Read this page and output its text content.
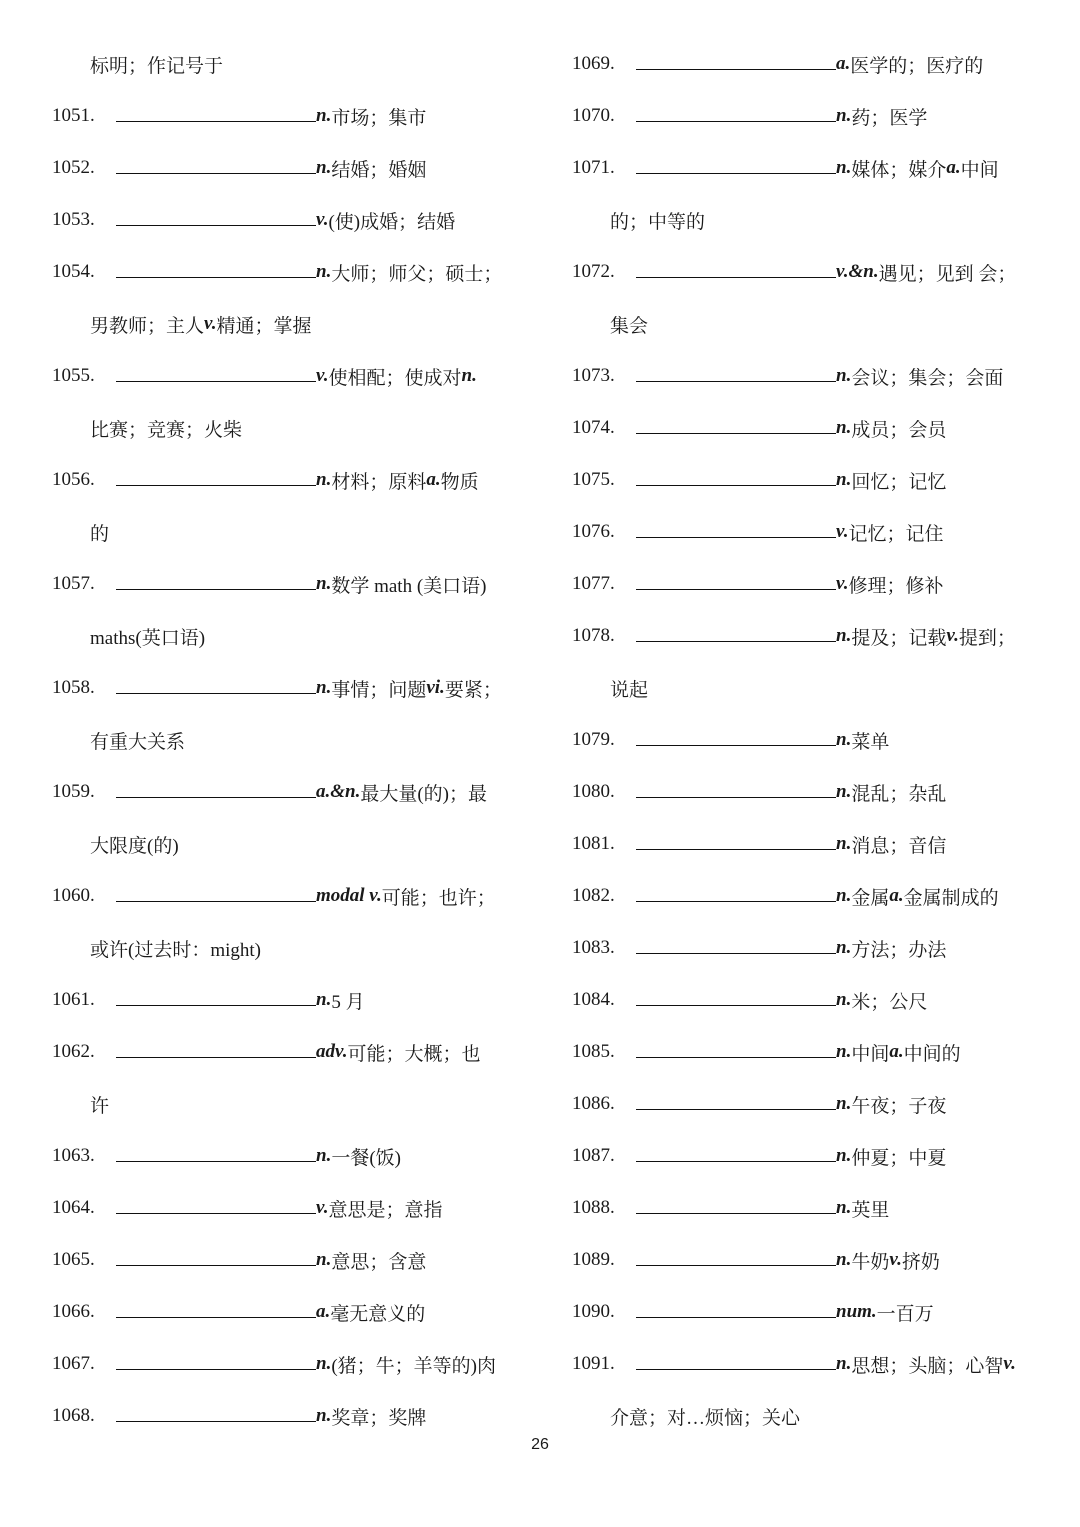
标明；作记号于
1051.	n. 市场；集市
1052.	n. 结婚；婚姻
1053.	v. (使)成婚；结婚
1054.	n. 大师；师父；硕士；
男教师；主人 v. 精通；掌握
1055.	v. 使相配；使成对 n.
比赛；竞赛；火柴
1056.	n. 材料；原料 a. 物质
的
1057.	n. 数学 math (美口语)
maths(英口语)
1058.	n. 事情；问题 vi. 要紧；
有重大关系
1059.	a.&n. 最大量(的)；最
大限度(的)
1060.	modal v. 可能；也许；
或许(过去时：might)
1061.	n. 5 月
1062.	adv. 可能；大概；也
许
1063.	n. 一餐(饭)
1064.	v. 意思是；意指
1065.	n. 意思；含意
1066.	a. 毫无意义的
1067.	n. (猪；牛；羊等的)肉
1068.	n. 奖章；奖牌
1069.	a. 医学的；医疗的
1070.	n. 药；医学
1071.	n. 媒体；媒介 a. 中间
的；中等的
1072.	v.&n. 遇见；见到 会；
集会
1073.	n. 会议；集会；会面
1074.	n. 成员；会员
1075.	n. 回忆；记忆
1076.	v. 记忆；记住
1077.	v. 修理；修补
1078.	n. 提及；记载 v. 提到；
说起
1079.	n. 菜单
1080.	n. 混乱；杂乱
1081.	n. 消息；音信
1082.	n. 金属 a. 金属制成的
1083.	n. 方法；办法
1084.	n. 米；公尺
1085.	n. 中间 a. 中间的
1086.	n. 午夜；子夜
1087.	n. 仲夏；中夏
1088.	n. 英里
1089.	n. 牛奶 v. 挤奶
1090.	num. 一百万
1091.	n. 思想；头脑；心智 v.
介意；对…烦恼；关心
26
